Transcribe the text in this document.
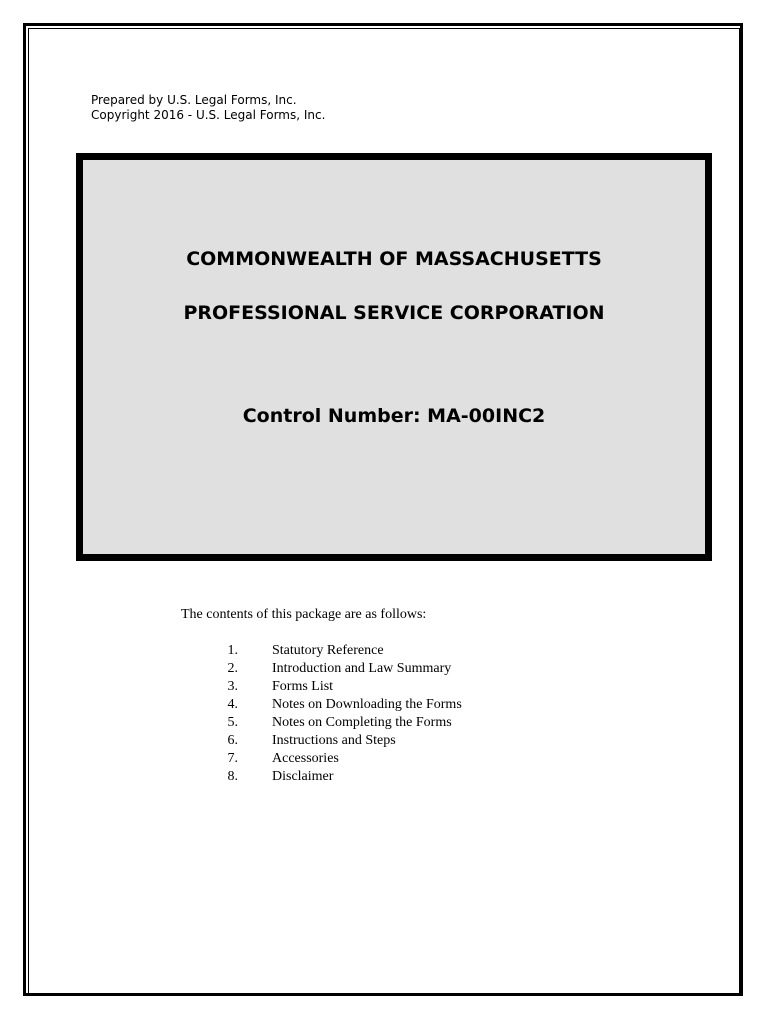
Prepared by U.S. Legal Forms, Inc.
Copyright 2016 - U.S. Legal Forms, Inc.
COMMONWEALTH OF MASSACHUSETTS
PROFESSIONAL SERVICE CORPORATION
Control Number: MA-00INC2
The contents of this package are as follows:
1. Statutory Reference
2. Introduction and Law Summary
3. Forms List
4. Notes on Downloading the Forms
5. Notes on Completing the Forms
6. Instructions and Steps
7. Accessories
8. Disclaimer
